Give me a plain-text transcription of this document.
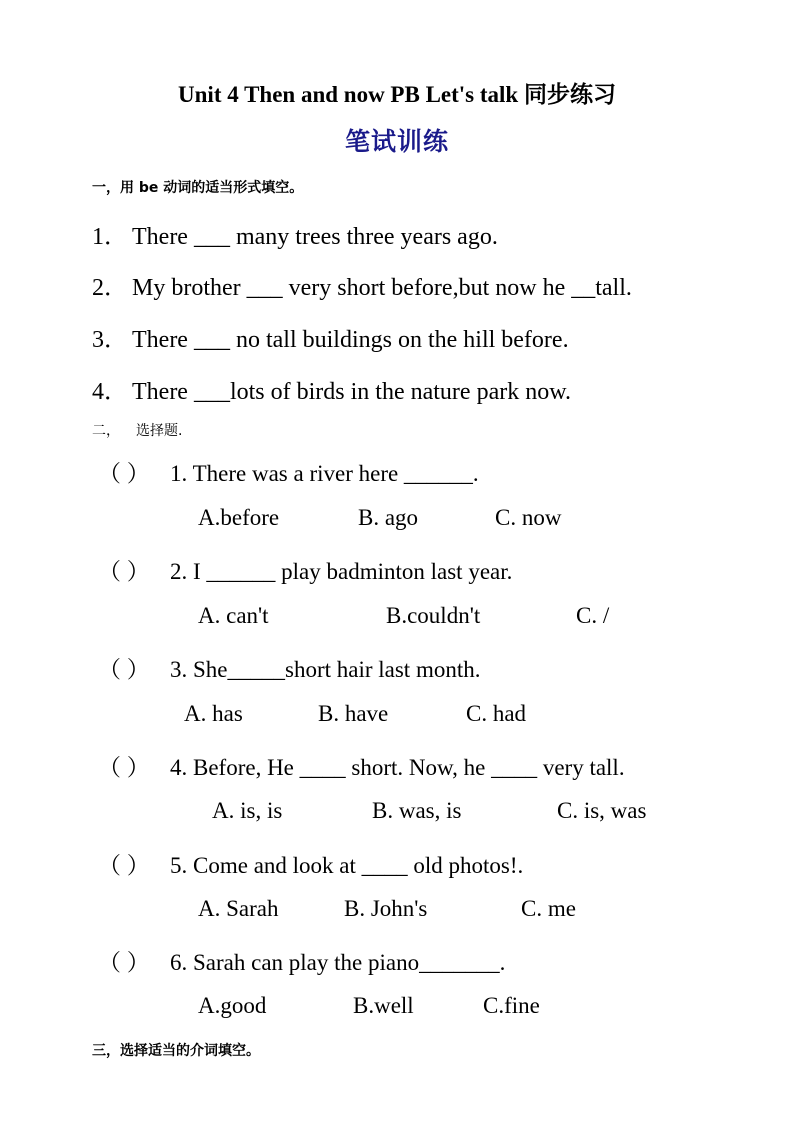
Unit 4 Then and now PB Let's talk 同步练习
笔试训练
一，用 be 动词的适当形式填空。
1． There ___ many trees three years ago.
2． My brother ___ very short before,but now he __tall.
3． There ___ no tall buildings on the hill before.
4． There ___lots of birds in the nature park now.
二， 选择题.
（ ） 1. There was a river here ______.
A.before	B. ago	C. now
（ ） 2. I ______ play badminton last year.
A. can't	B.couldn't	C. /
（ ） 3. She_____short hair last month.
A. has	B. have	C. had
（ ） 4. Before, He ____ short. Now, he ____ very tall.
A. is, is	B. was, is	C. is, was
（ ） 5. Come and look at ____ old photos!.
A. Sarah	B. John's	C. me
（ ） 6. Sarah can play the piano_______.
A.good	B.well	C.fine
三，选择适当的介词填空。
